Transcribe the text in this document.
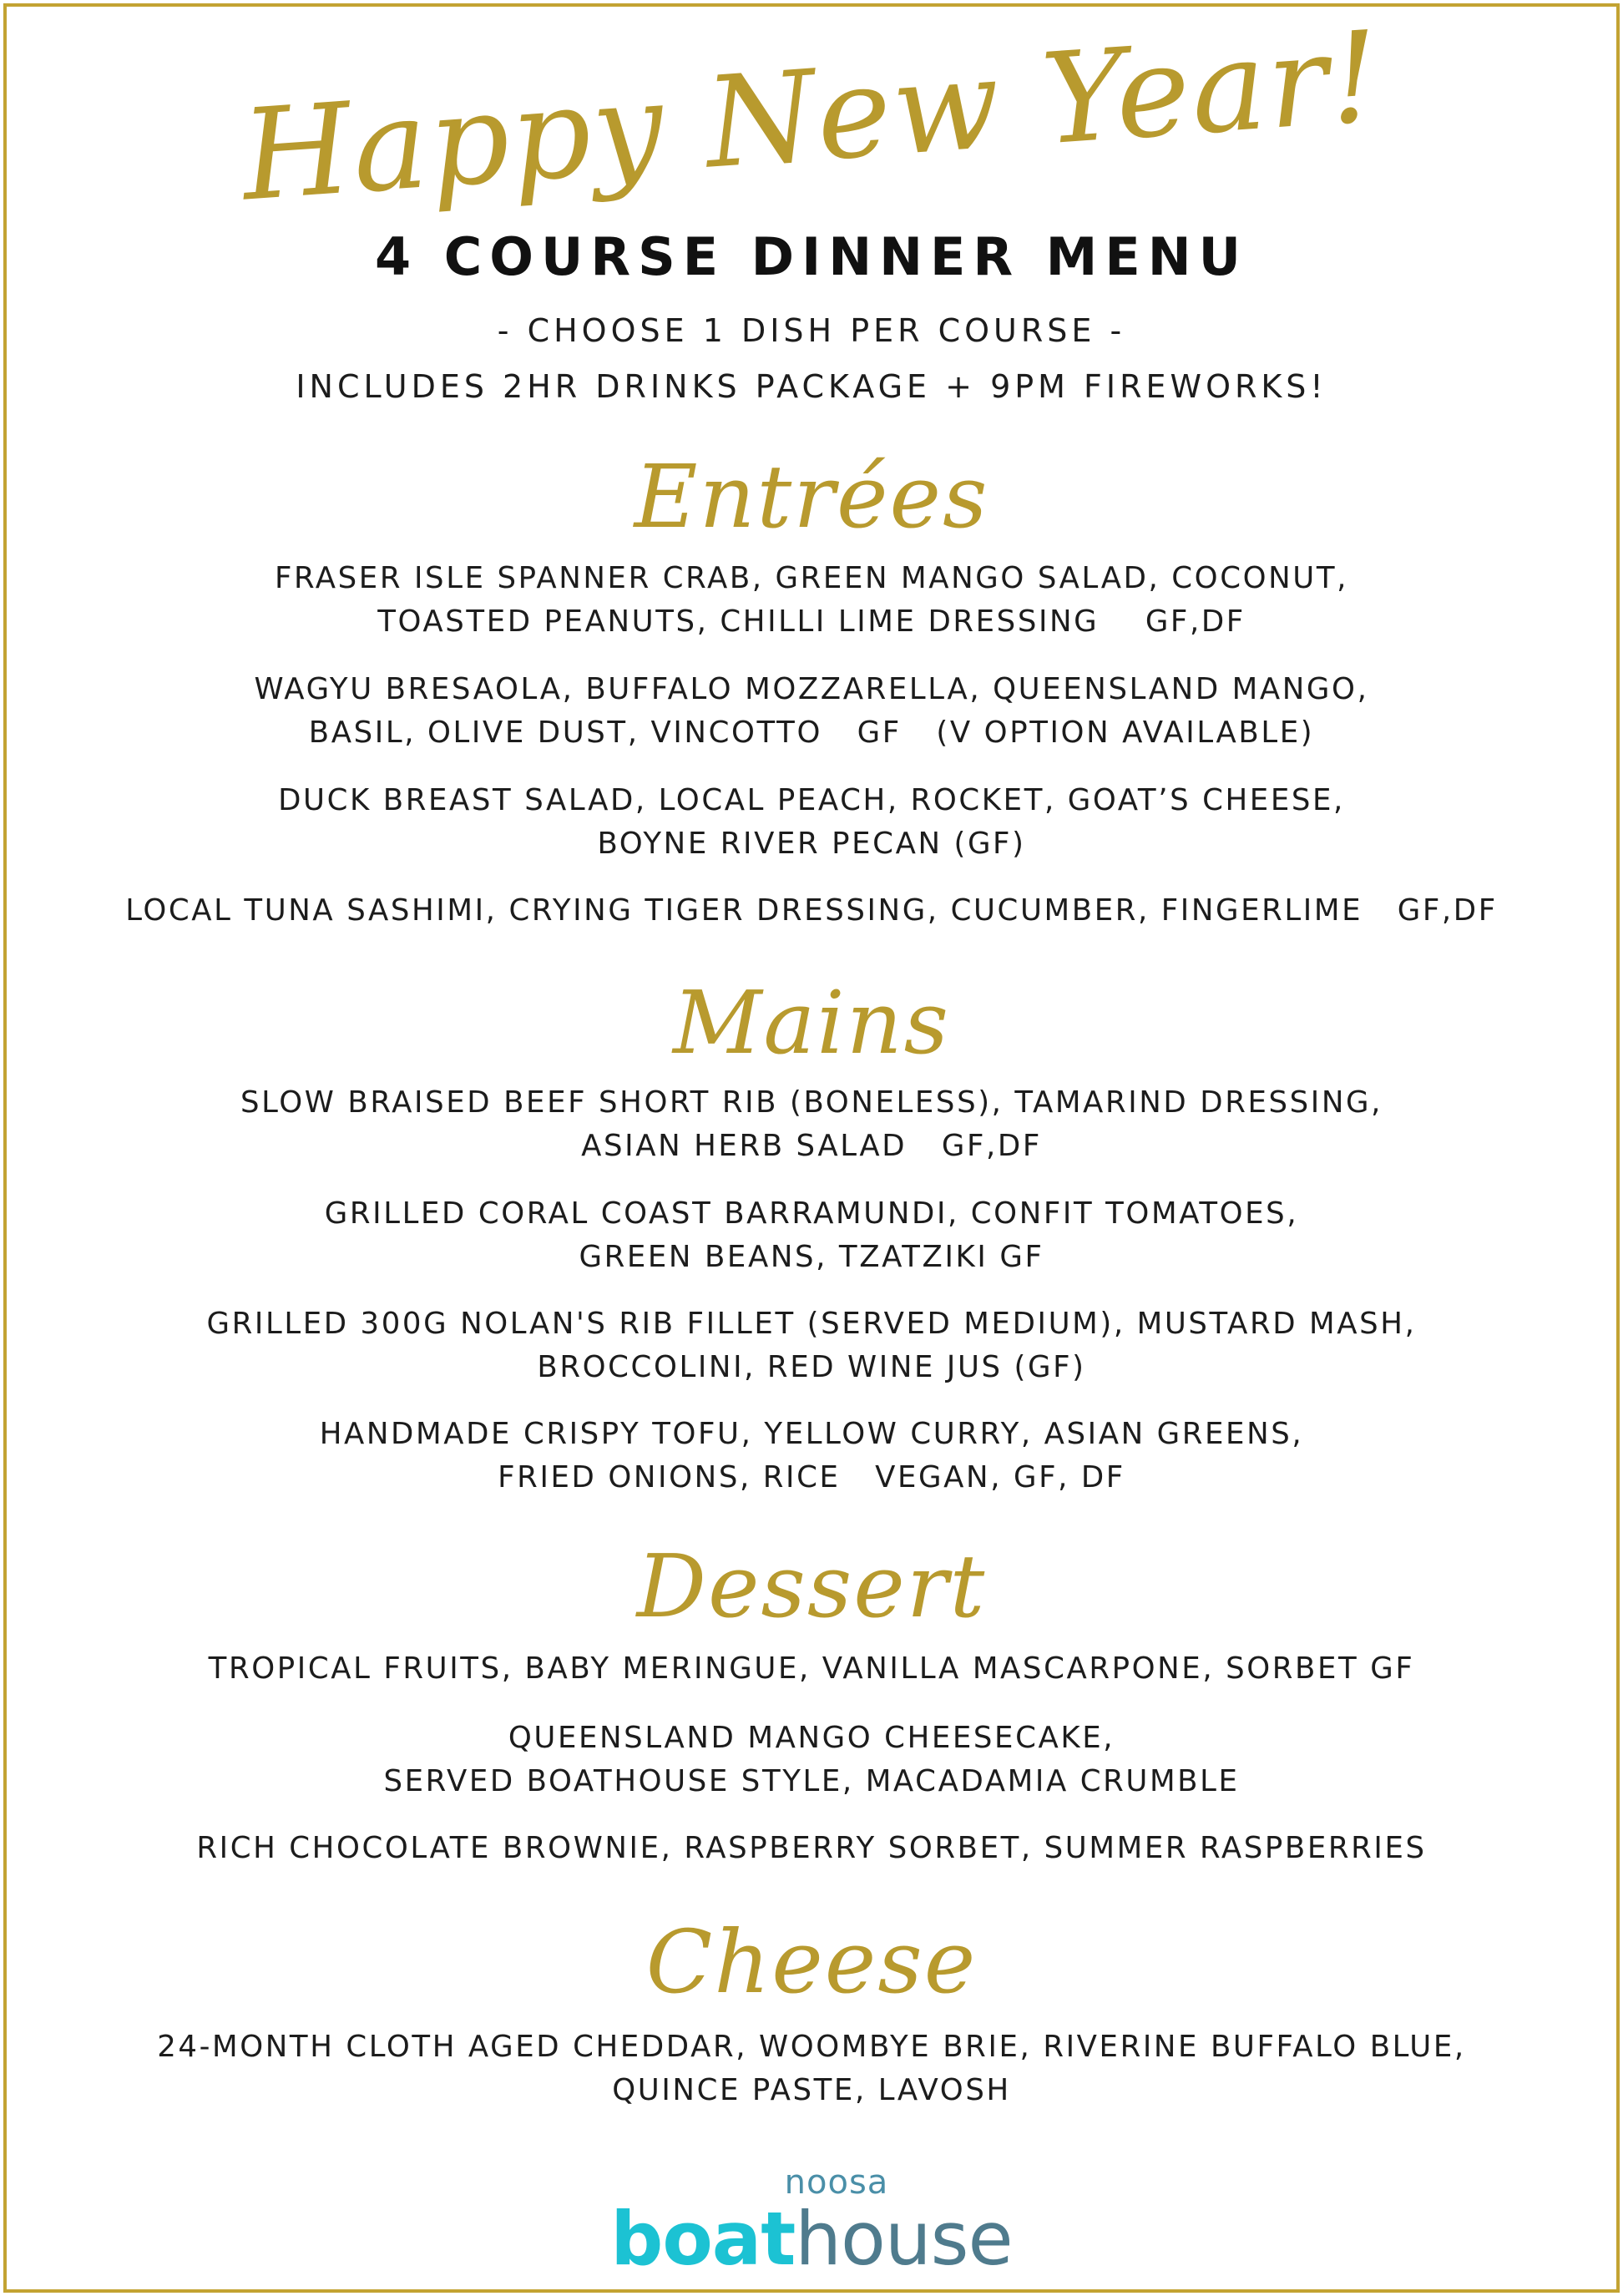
Happy New Year!
4 COURSE DINNER MENU
- CHOOSE 1 DISH PER COURSE -
INCLUDES 2HR DRINKS PACKAGE + 9PM FIREWORKS!
Entrées
FRASER ISLE SPANNER CRAB, GREEN MANGO SALAD, COCONUT,
TOASTED PEANUTS, CHILLI LIME DRESSING    GF,DF
WAGYU BRESAOLA, BUFFALO MOZZARELLA, QUEENSLAND MANGO,
BASIL, OLIVE DUST, VINCOTTO   GF   (V OPTION AVAILABLE)
DUCK BREAST SALAD, LOCAL PEACH, ROCKET, GOAT’S CHEESE,
BOYNE RIVER PECAN (GF)
LOCAL TUNA SASHIMI, CRYING TIGER DRESSING, CUCUMBER, FINGERLIME   GF,DF
Mains
SLOW BRAISED BEEF SHORT RIB (BONELESS), TAMARIND DRESSING,
ASIAN HERB SALAD   GF,DF
GRILLED CORAL COAST BARRAMUNDI, CONFIT TOMATOES,
GREEN BEANS, TZATZIKI GF
GRILLED 300G NOLAN'S RIB FILLET (SERVED MEDIUM), MUSTARD MASH,
BROCCOLINI, RED WINE JUS (GF)
HANDMADE CRISPY TOFU, YELLOW CURRY, ASIAN GREENS,
FRIED ONIONS, RICE   VEGAN, GF, DF
Dessert
TROPICAL FRUITS, BABY MERINGUE, VANILLA MASCARPONE, SORBET GF
QUEENSLAND MANGO CHEESECAKE,
SERVED BOATHOUSE STYLE, MACADAMIA CRUMBLE
RICH CHOCOLATE BROWNIE, RASPBERRY SORBET, SUMMER RASPBERRIES
Cheese
24-MONTH CLOTH AGED CHEDDAR, WOOMBYE BRIE, RIVERINE BUFFALO BLUE,
QUINCE PASTE, LAVOSH
noosa
boathouse
